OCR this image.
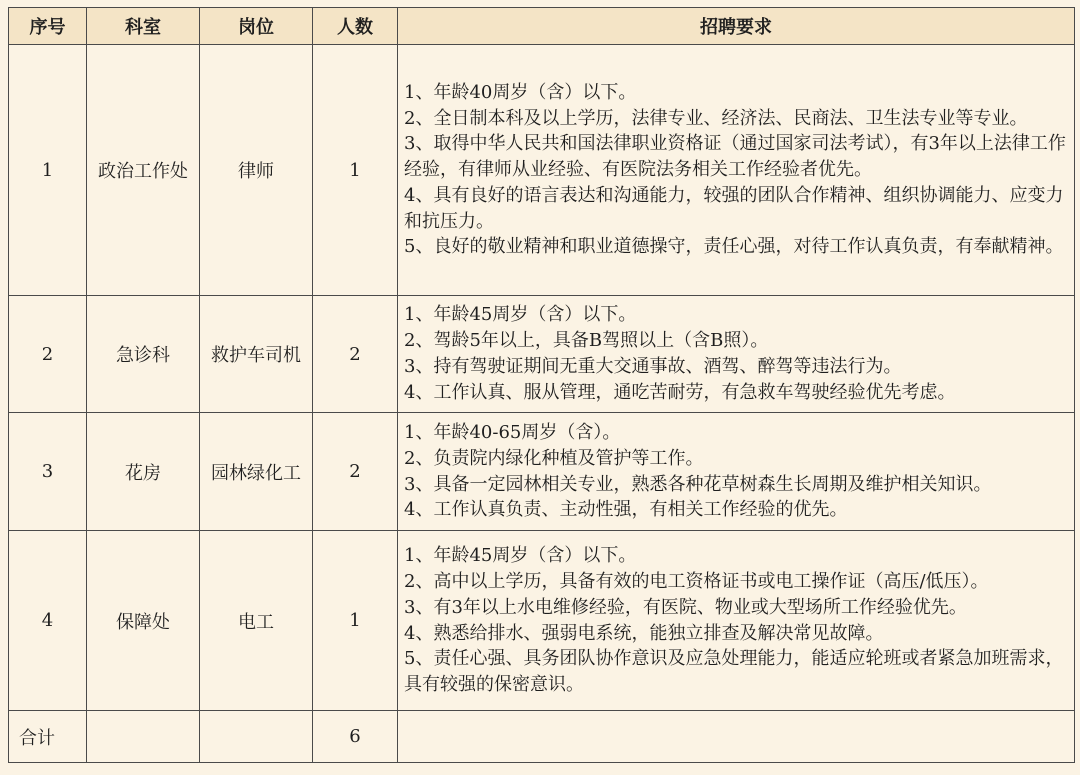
序号	科室	岗位	人数	招聘要求
1	政治工作处	律师	1	1、年龄40周岁（含）以下。
2、全日制本科及以上学历，法律专业、经济法、民商法、卫生法专业等专业。
3、取得中华人民共和国法律职业资格证（通过国家司法考试），有3年以上法律工作经验，有律师从业经验、有医院法务相关工作经验者优先。
4、具有良好的语言表达和沟通能力，较强的团队合作精神、组织协调能力、应变力和抗压力。
5、良好的敬业精神和职业道德操守，责任心强，对待工作认真负责，有奉献精神。

2	急诊科	救护车司机	2	1、年龄45周岁（含）以下。
2、驾龄5年以上，具备B驾照以上（含B照）。
3、持有驾驶证期间无重大交通事故、酒驾、醉驾等违法行为。
4、工作认真、服从管理，通吃苦耐劳，有急救车驾驶经验优先考虑。

3	花房	园林绿化工	2	1、年龄40-65周岁（含）。
2、负责院内绿化种植及管护等工作。
3、具备一定园林相关专业，熟悉各种花草树森生长周期及维护相关知识。
4、工作认真负责、主动性强，有相关工作经验的优先。

4	保障处	电工	1	1、年龄45周岁（含）以下。
2、高中以上学历，具备有效的电工资格证书或电工操作证（高压/低压）。
3、有3年以上水电维修经验，有医院、物业或大型场所工作经验优先。
4、熟悉给排水、强弱电系统，能独立排查及解决常见故障。
5、责任心强、具务团队协作意识及应急处理能力，能适应轮班或者紧急加班需求，具有较强的保密意识。

合计			6	
